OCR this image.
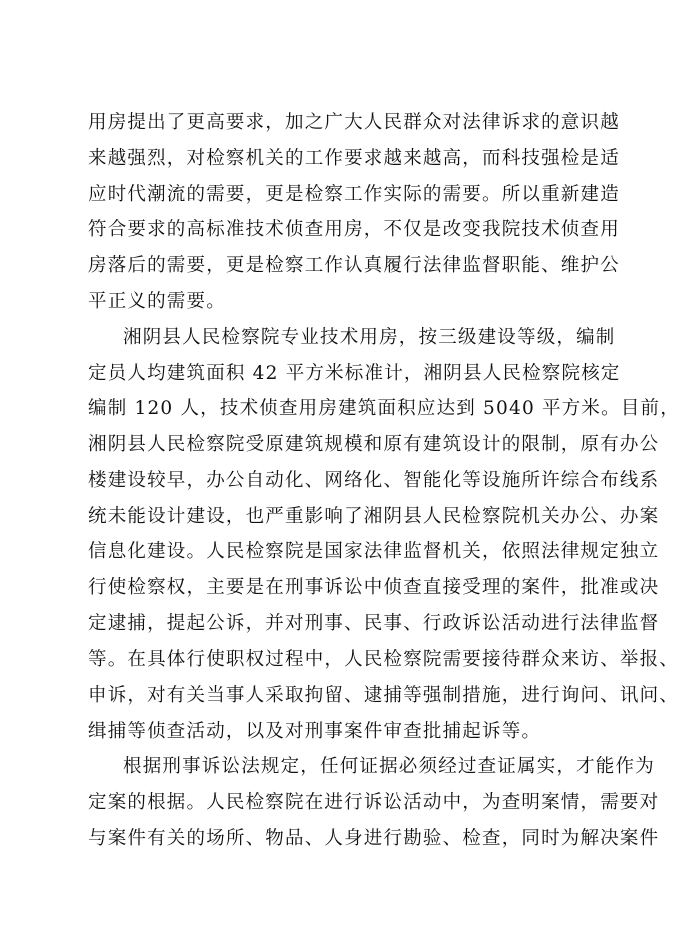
用房提出了更高要求，加之广大人民群众对法律诉求的意识越
来越强烈，对检察机关的工作要求越来越高，而科技强检是适
应时代潮流的需要，更是检察工作实际的需要。所以重新建造
符合要求的高标准技术侦查用房，不仅是改变我院技术侦查用
房落后的需要，更是检察工作认真履行法律监督职能、维护公
平正义的需要。
湘阴县人民检察院专业技术用房，按三级建设等级，编制
定员人均建筑面积 42 平方米标准计，湘阴县人民检察院核定
编制 120 人，技术侦查用房建筑面积应达到 5040 平方米。目前，
湘阴县人民检察院受原建筑规模和原有建筑设计的限制，原有办公
楼建设较早，办公自动化、网络化、智能化等设施所许综合布线系
统未能设计建设，也严重影响了湘阴县人民检察院机关办公、办案
信息化建设。人民检察院是国家法律监督机关，依照法律规定独立
行使检察权，主要是在刑事诉讼中侦查直接受理的案件，批准或决
定逮捕，提起公诉，并对刑事、民事、行政诉讼活动进行法律监督
等。在具体行使职权过程中，人民检察院需要接待群众来访、举报、
申诉，对有关当事人采取拘留、逮捕等强制措施，进行询问、讯问、
缉捕等侦查活动，以及对刑事案件审查批捕起诉等。
根据刑事诉讼法规定，任何证据必须经过查证属实，才能作为
定案的根据。人民检察院在进行诉讼活动中，为查明案情，需要对
与案件有关的场所、物品、人身进行勘验、检查，同时为解决案件
